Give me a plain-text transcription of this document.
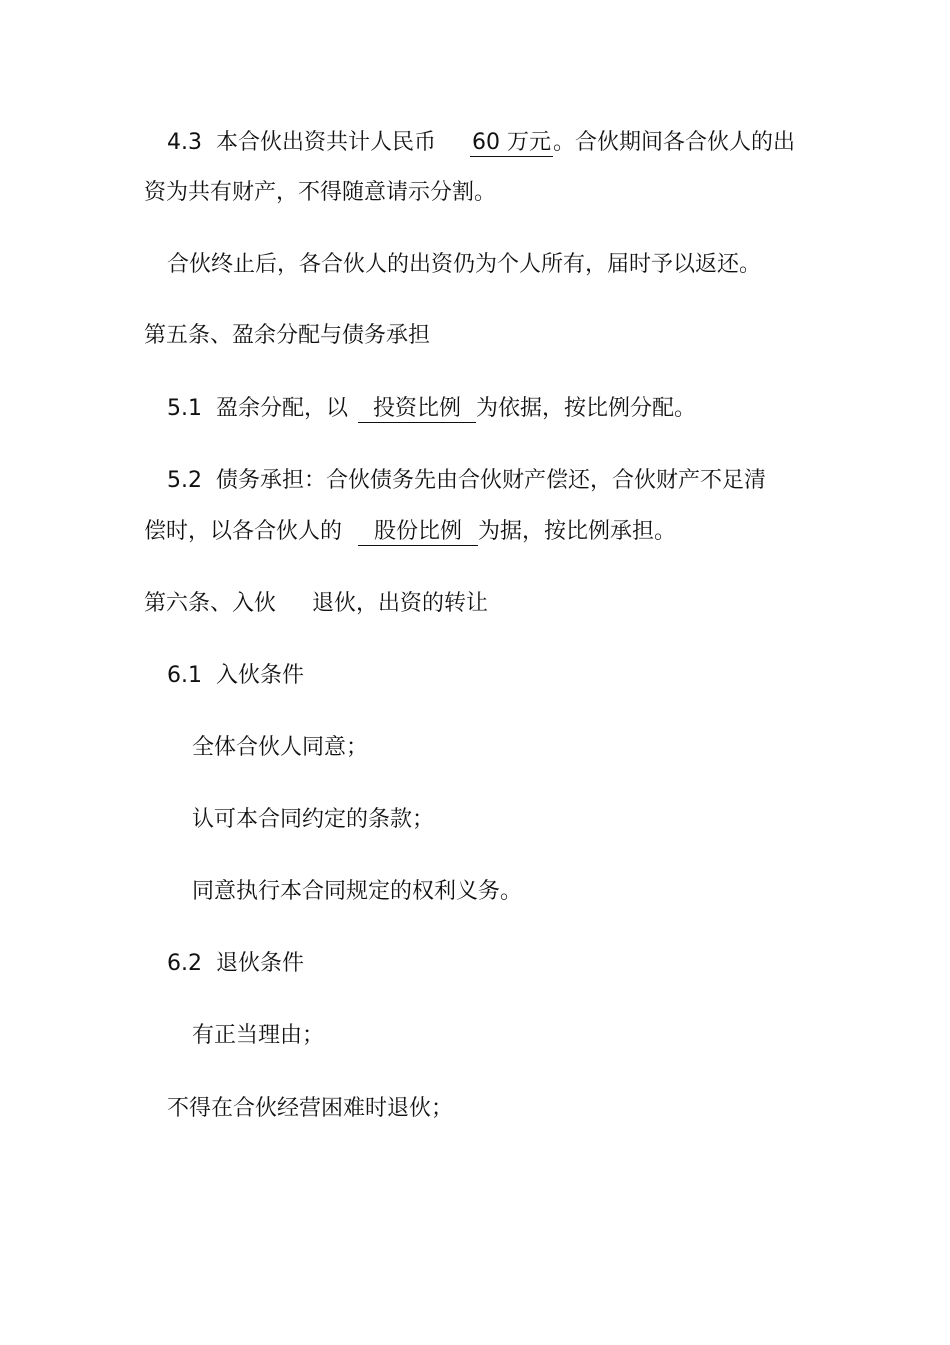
4.3 本合伙出资共计人民币 60 万元。合伙期间各合伙人的出
资为共有财产，不得随意请示分割。
合伙终止后，各合伙人的出资仍为个人所有，届时予以返还。
第五条、盈余分配与债务承担
5.1 盈余分配，以 投资比例 为依据，按比例分配。
5.2 债务承担：合伙债务先由合伙财产偿还，合伙财产不足清
偿时，以各合伙人的 股份比例 为据，按比例承担。
第六条、入伙 退伙，出资的转让
6.1 入伙条件
全体合伙人同意；
认可本合同约定的条款；
同意执行本合同规定的权利义务。
6.2 退伙条件
有正当理由；
不得在合伙经营困难时退伙；
